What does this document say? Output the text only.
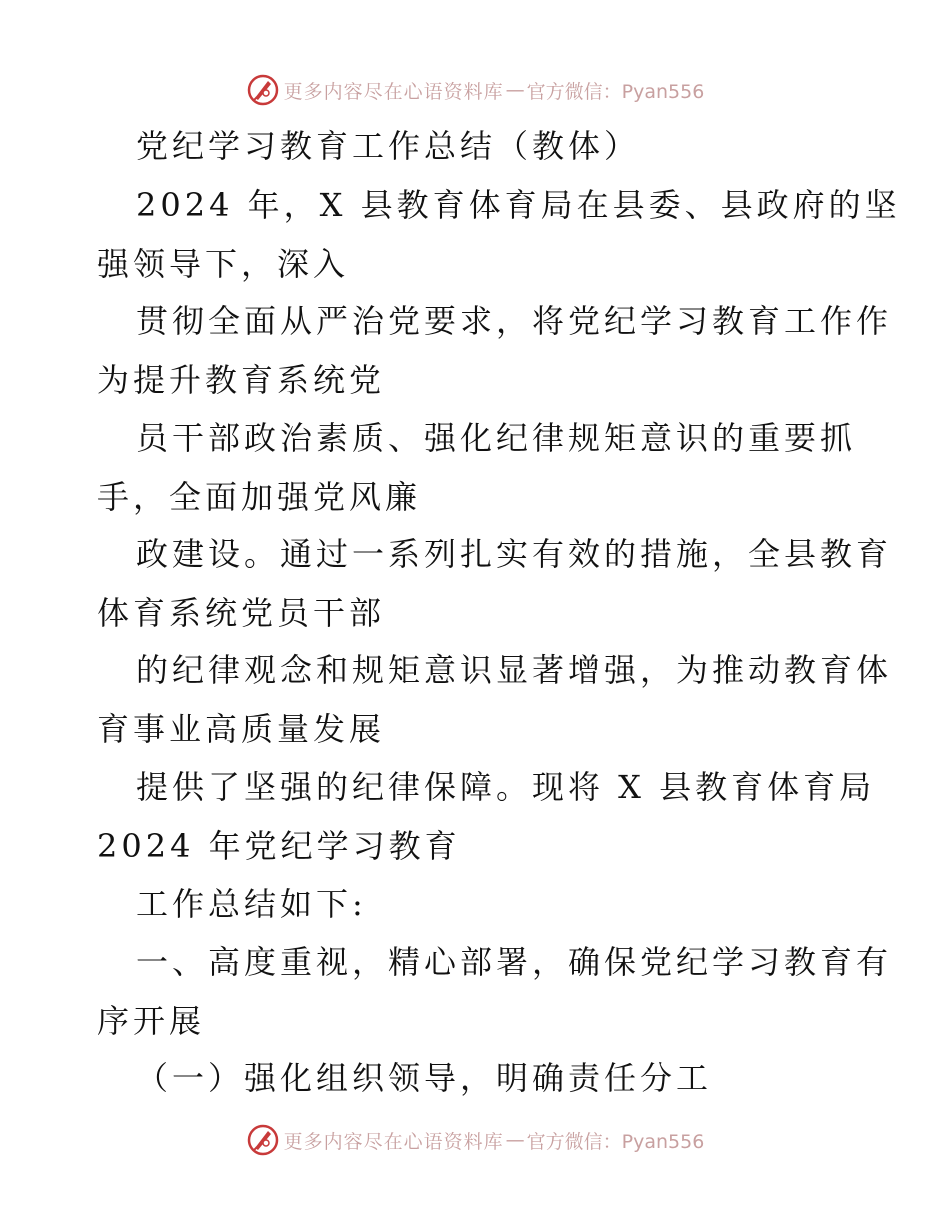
更多内容尽在心语资料库 — 官方微信：Pyan556
党纪学习教育工作总结（教体）
2024 年，X 县教育体育局在县委、县政府的坚
强领导下，深入
贯彻全面从严治党要求，将党纪学习教育工作作
为提升教育系统党
员干部政治素质、强化纪律规矩意识的重要抓
手，全面加强党风廉
政建设。通过一系列扎实有效的措施，全县教育
体育系统党员干部
的纪律观念和规矩意识显著增强，为推动教育体
育事业高质量发展
提供了坚强的纪律保障。现将 X 县教育体育局
2024 年党纪学习教育
工作总结如下:
一、高度重视，精心部署，确保党纪学习教育有
序开展
（一）强化组织领导，明确责任分工
更多内容尽在心语资料库 — 官方微信：Pyan556
